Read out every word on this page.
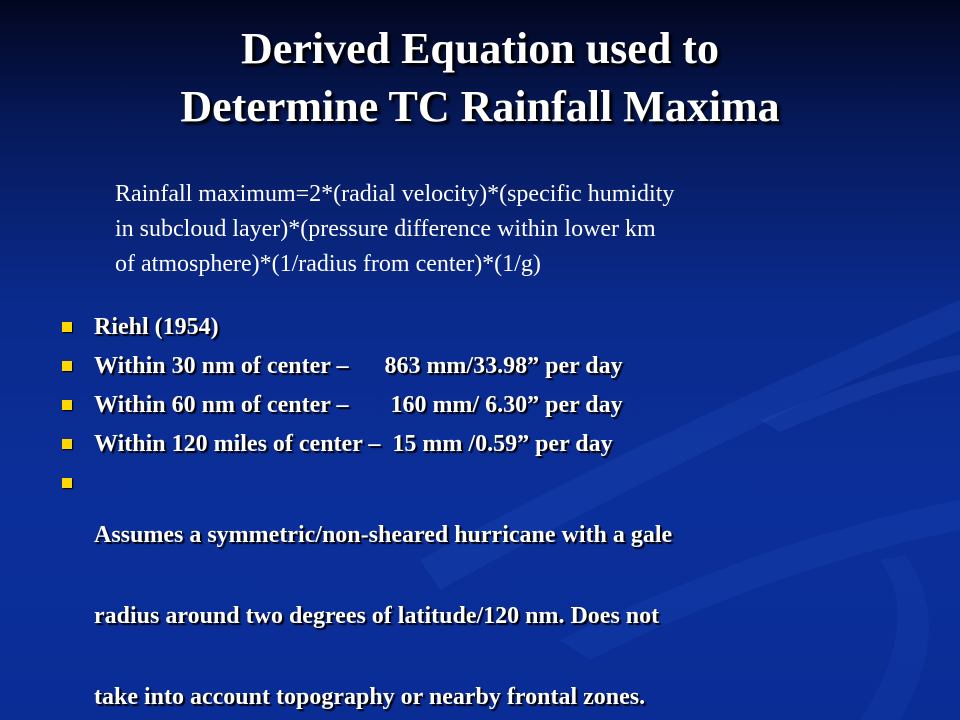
Derived Equation used to
Determine TC Rainfall Maxima
Rainfall maximum=2*(radial velocity)*(specific humidity
in subcloud layer)*(pressure difference within lower km
of atmosphere)*(1/radius from center)*(1/g)
Riehl (1954)
Within 30 nm of center –      863 mm/33.98” per day
Within 60 nm of center –       160 mm/ 6.30” per day
Within 120 miles of center –  15 mm /0.59” per day

Assumes a symmetric/non-sheared hurricane with a gale

radius around two degrees of latitude/120 nm. Does not

take into account topography or nearby frontal zones.
